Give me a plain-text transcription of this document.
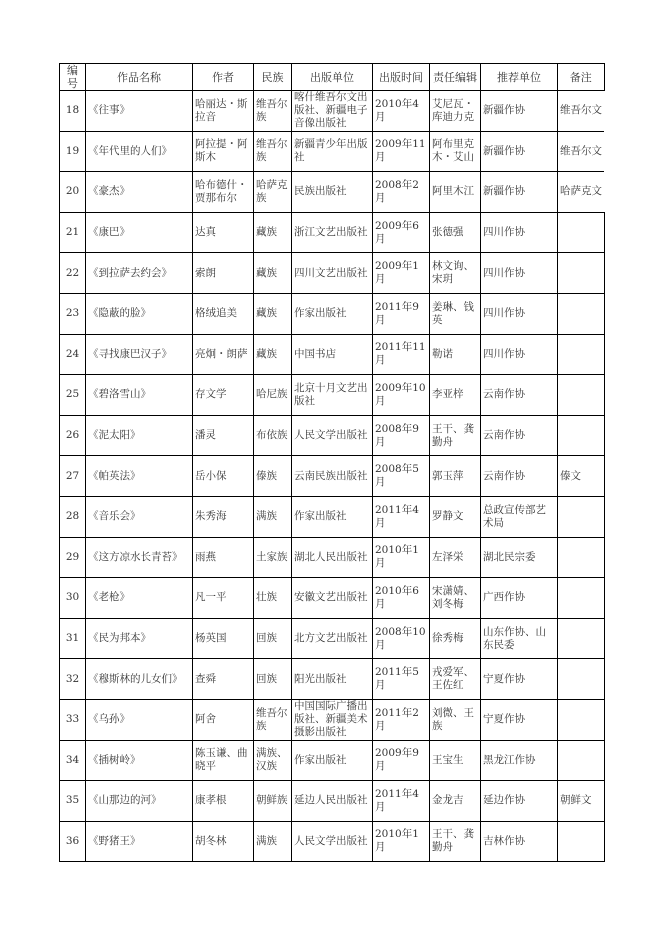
编号	作品名称	作者	民族	出版单位	出版时间	责任编辑	推荐单位	备注
18	《往事》	哈丽达・斯拉音	维吾尔族	喀什维吾尔文出版社、新疆电子音像出版社	2010年4月	艾尼瓦・库迪力克	新疆作协	维吾尔文
19	《年代里的人们》	阿拉提・阿斯木	维吾尔族	新疆青少年出版社	2009年11月	阿布里克木・艾山	新疆作协	维吾尔文
20	《豪杰》	哈布德什・贾那布尔	哈萨克族	民族出版社	2008年2月	阿里木江	新疆作协	哈萨克文
21	《康巴》	达真	藏族	浙江文艺出版社	2009年6月	张德强	四川作协	
22	《到拉萨去约会》	索朗	藏族	四川文艺出版社	2009年1月	林文询、宋玥	四川作协	
23	《隐蔽的脸》	格绒追美	藏族	作家出版社	2011年9月	姜琳、钱英	四川作协	
24	《寻找康巴汉子》	亮炯・朗萨	藏族	中国书店	2011年11月	勒诺	四川作协	
25	《碧洛雪山》	存文学	哈尼族	北京十月文艺出版社	2009年10月	李亚梓	云南作协	
26	《泥太阳》	潘灵	布依族	人民文学出版社	2008年9月	王干、龚勤舟	云南作协	
27	《帕英法》	岳小保	傣族	云南民族出版社	2008年5月	郭玉萍	云南作协	傣文
28	《音乐会》	朱秀海	满族	作家出版社	2011年4月	罗静文	总政宣传部艺术局	
29	《这方凉水长青苔》	雨燕	土家族	湖北人民出版社	2010年1月	左泽栄	湖北民宗委	
30	《老枪》	凡一平	壮族	安徽文艺出版社	2010年6月	宋潇婧、刘冬梅	广西作协	
31	《民为邦本》	杨英国	回族	北方文艺出版社	2008年10月	徐秀梅	山东作协、山东民委	
32	《穆斯林的儿女们》	查舜	回族	阳光出版社	2011年5月	戎爱军、王佐红	宁夏作协	
33	《乌孙》	阿舍	维吾尔族	中国国际广播出版社、新疆美术摄影出版社	2011年2月	刘微、王族	宁夏作协	
34	《插树岭》	陈玉谦、曲晓平	满族、汉族	作家出版社	2009年9月	王宝生	黑龙江作协	
35	《山那边的河》	康孝根	朝鲜族	延边人民出版社	2011年4月	金龙吉	延边作协	朝鲜文
36	《野猪王》	胡冬林	满族	人民文学出版社	2010年1月	王干、龚勤舟	吉林作协	
